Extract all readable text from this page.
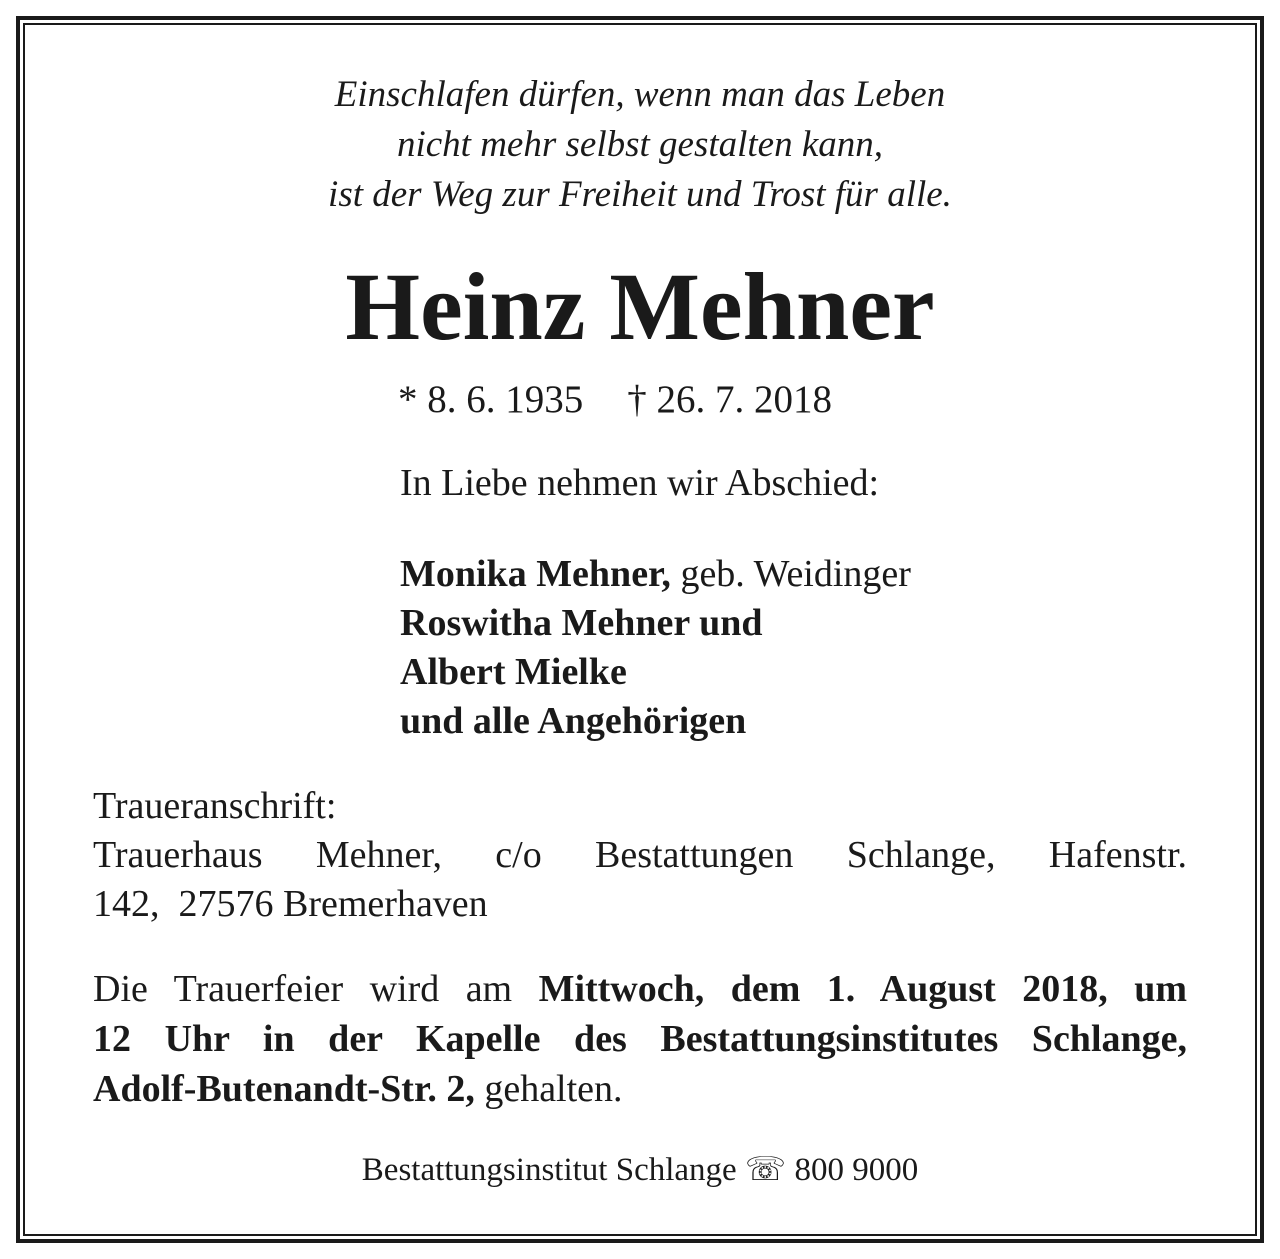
Einschlafen dürfen, wenn man das Leben
nicht mehr selbst gestalten kann,
ist der Weg zur Freiheit und Trost für alle.
Heinz Mehner
* 8. 6. 1935 † 26. 7. 2018
In Liebe nehmen wir Abschied:
Monika Mehner, geb. Weidinger
Roswitha Mehner und
Albert Mielke
und alle Angehörigen
Traueranschrift:
Trauerhaus Mehner, c/o Bestattungen Schlange, Hafenstr.
142,  27576 Bremerhaven
Die Trauerfeier wird am Mittwoch, dem 1. August 2018, um
12 Uhr in der Kapelle des Bestattungsinstitutes Schlange,
Adolf-Butenandt-Str. 2, gehalten.
Bestattungsinstitut Schlange ☏ 800 9000
